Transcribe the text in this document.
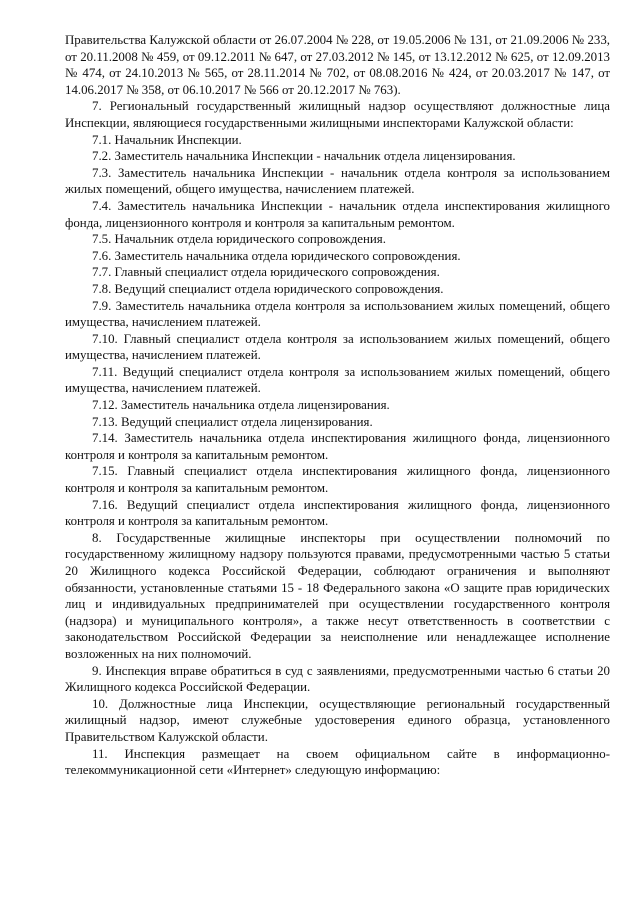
Правительства Калужской области от 26.07.2004 № 228, от 19.05.2006 № 131, от 21.09.2006 № 233, от 20.11.2008 № 459, от 09.12.2011 № 647, от 27.03.2012 № 145, от 13.12.2012 № 625, от 12.09.2013 № 474, от 24.10.2013 № 565, от 28.11.2014 № 702, от 08.08.2016 № 424, от 20.03.2017 № 147, от 14.06.2017 № 358, от 06.10.2017 № 566 от 20.12.2017 № 763).

7. Региональный государственный жилищный надзор осуществляют должностные лица Инспекции, являющиеся государственными жилищными инспекторами Калужской области:

7.1. Начальник Инспекции.

7.2. Заместитель начальника Инспекции - начальник отдела лицензирования.

7.3. Заместитель начальника Инспекции - начальник отдела контроля за использованием жилых помещений, общего имущества, начислением платежей.

7.4. Заместитель начальника Инспекции - начальник отдела инспектирования жилищного фонда, лицензионного контроля и контроля за капитальным ремонтом.

7.5. Начальник отдела юридического сопровождения.

7.6. Заместитель начальника отдела юридического сопровождения.

7.7. Главный специалист отдела юридического сопровождения.

7.8. Ведущий специалист отдела юридического сопровождения.

7.9. Заместитель начальника отдела контроля за использованием жилых помещений, общего имущества, начислением платежей.

7.10. Главный специалист отдела контроля за использованием жилых помещений, общего имущества, начислением платежей.

7.11. Ведущий специалист отдела контроля за использованием жилых помещений, общего имущества, начислением платежей.

7.12. Заместитель начальника отдела лицензирования.

7.13. Ведущий специалист отдела лицензирования.

7.14. Заместитель начальника отдела инспектирования жилищного фонда, лицензионного контроля и контроля за капитальным ремонтом.

7.15. Главный специалист отдела инспектирования жилищного фонда, лицензионного контроля и контроля за капитальным ремонтом.

7.16. Ведущий специалист отдела инспектирования жилищного фонда, лицензионного контроля и контроля за капитальным ремонтом.

8. Государственные жилищные инспекторы при осуществлении полномочий по государственному жилищному надзору пользуются правами, предусмотренными частью 5 статьи 20 Жилищного кодекса Российской Федерации, соблюдают ограничения и выполняют обязанности, установленные статьями 15 - 18 Федерального закона «О защите прав юридических лиц и индивидуальных предпринимателей при осуществлении государственного контроля (надзора) и муниципального контроля», а также несут ответственность в соответствии с законодательством Российской Федерации за неисполнение или ненадлежащее исполнение возложенных на них полномочий.

9. Инспекция вправе обратиться в суд с заявлениями, предусмотренными частью 6 статьи 20 Жилищного кодекса Российской Федерации.

10. Должностные лица Инспекции, осуществляющие региональный государственный жилищный надзор, имеют служебные удостоверения единого образца, установленного Правительством Калужской области.

11. Инспекция размещает на своем официальном сайте в информационно-телекоммуникационной сети «Интернет» следующую информацию:
